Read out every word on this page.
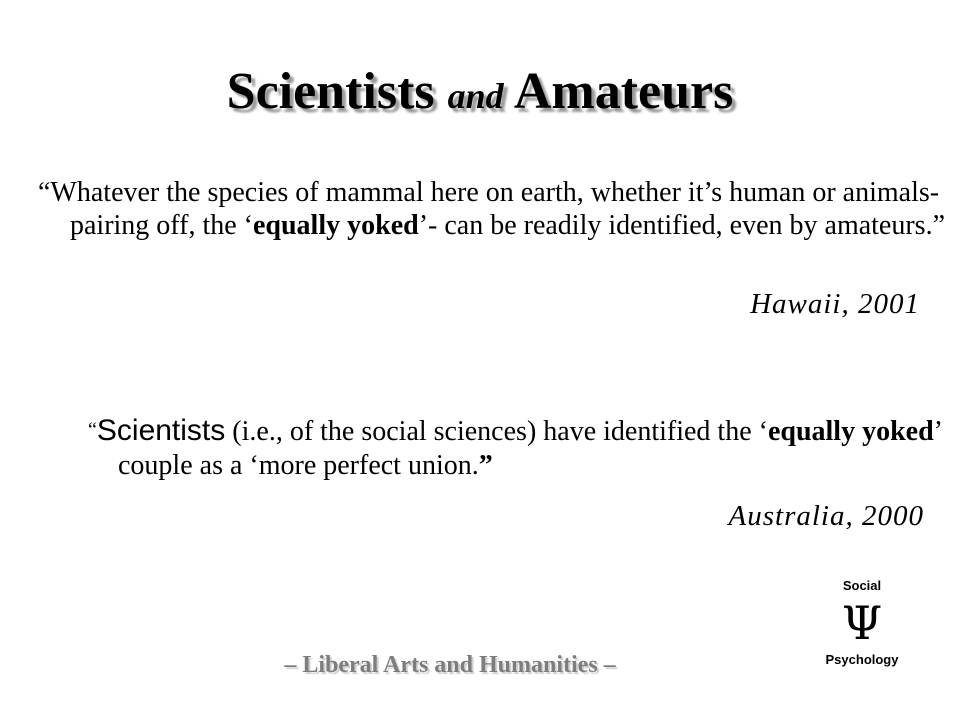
Scientists and Amateurs
“Whatever the species of mammal here on earth, whether it’s human or animals-pairing off, the ‘equally yoked’- can be readily identified, even by amateurs.”
Hawaii, 2001
“Scientists (i.e., of the social sciences) have identified the ‘equally yoked’ couple as a ‘more perfect union.”
Australia, 2000
– Liberal Arts and Humanities –
Social
Ψ
Psychology
